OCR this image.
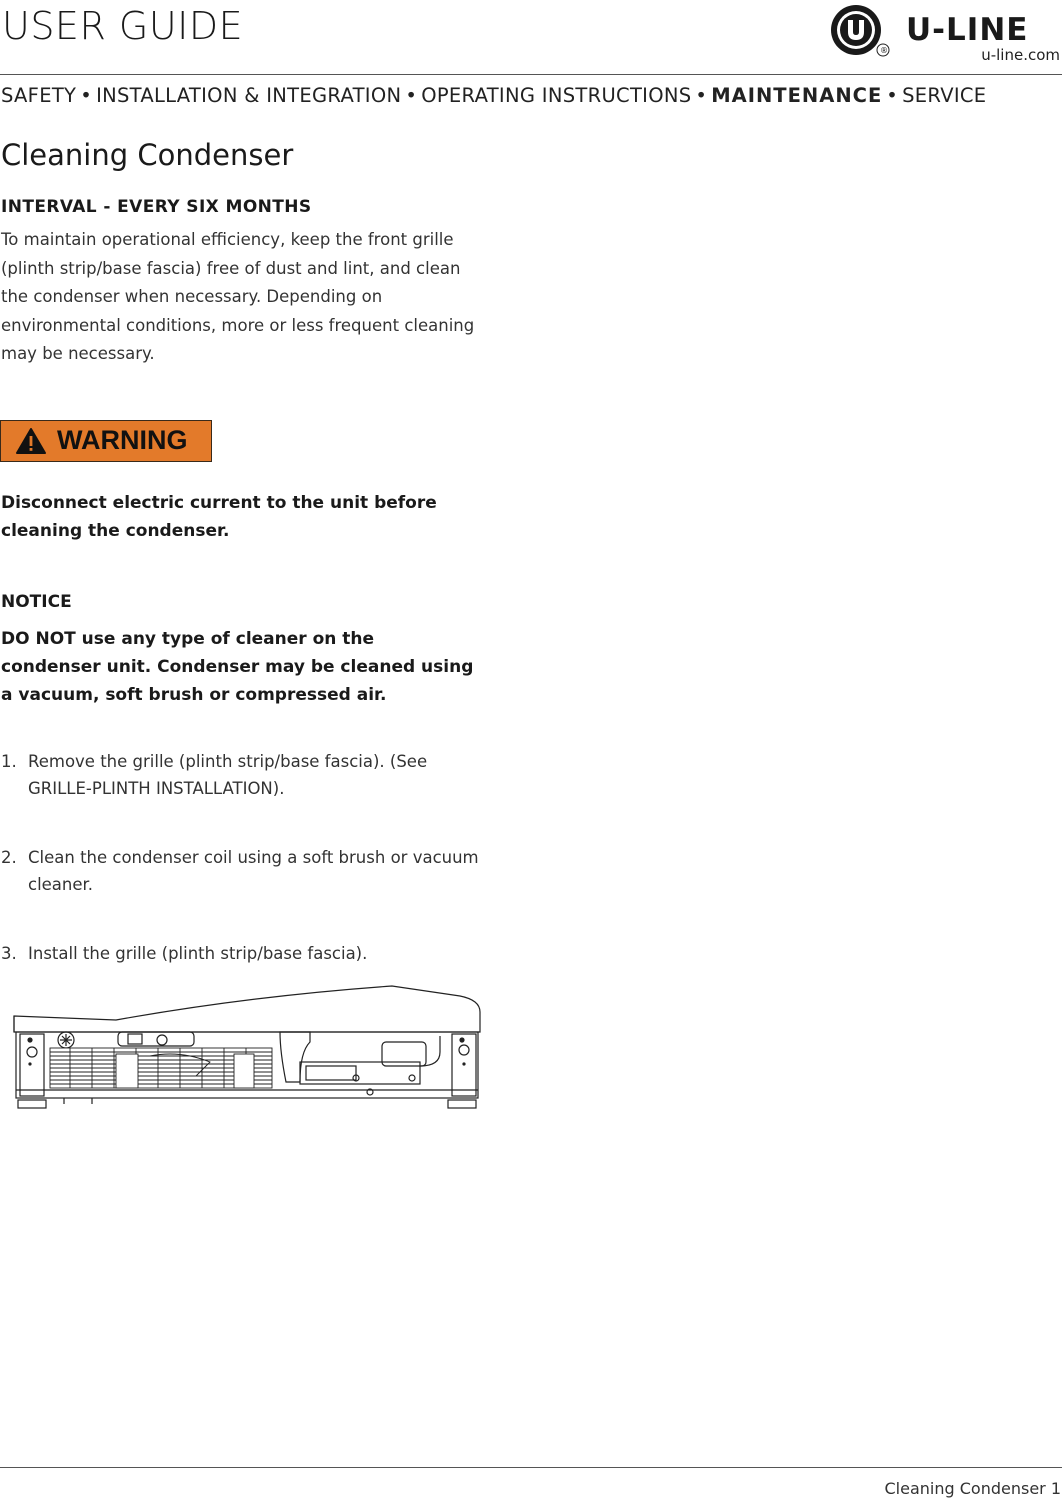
USER GUIDE
®
U-LINE
u-line.com
SAFETY • INSTALLATION & INTEGRATION • OPERATING INSTRUCTIONS • MAINTENANCE • SERVICE
Cleaning Condenser
INTERVAL - EVERY SIX MONTHS
To maintain operational efficiency, keep the front grille
(plinth strip/base fascia) free of dust and lint, and clean
the condenser when necessary. Depending on
environmental conditions, more or less frequent cleaning
may be necessary.
WARNING
Disconnect electric current to the unit before
cleaning the condenser.
NOTICE
DO NOT use any type of cleaner on the
condenser unit. Condenser may be cleaned using
a vacuum, soft brush or compressed air.
1. Remove the grille (plinth strip/base fascia). (See
GRILLE-PLINTH INSTALLATION).
2. Clean the condenser coil using a soft brush or vacuum
cleaner.
3. Install the grille (plinth strip/base fascia).
Cleaning Condenser 1
